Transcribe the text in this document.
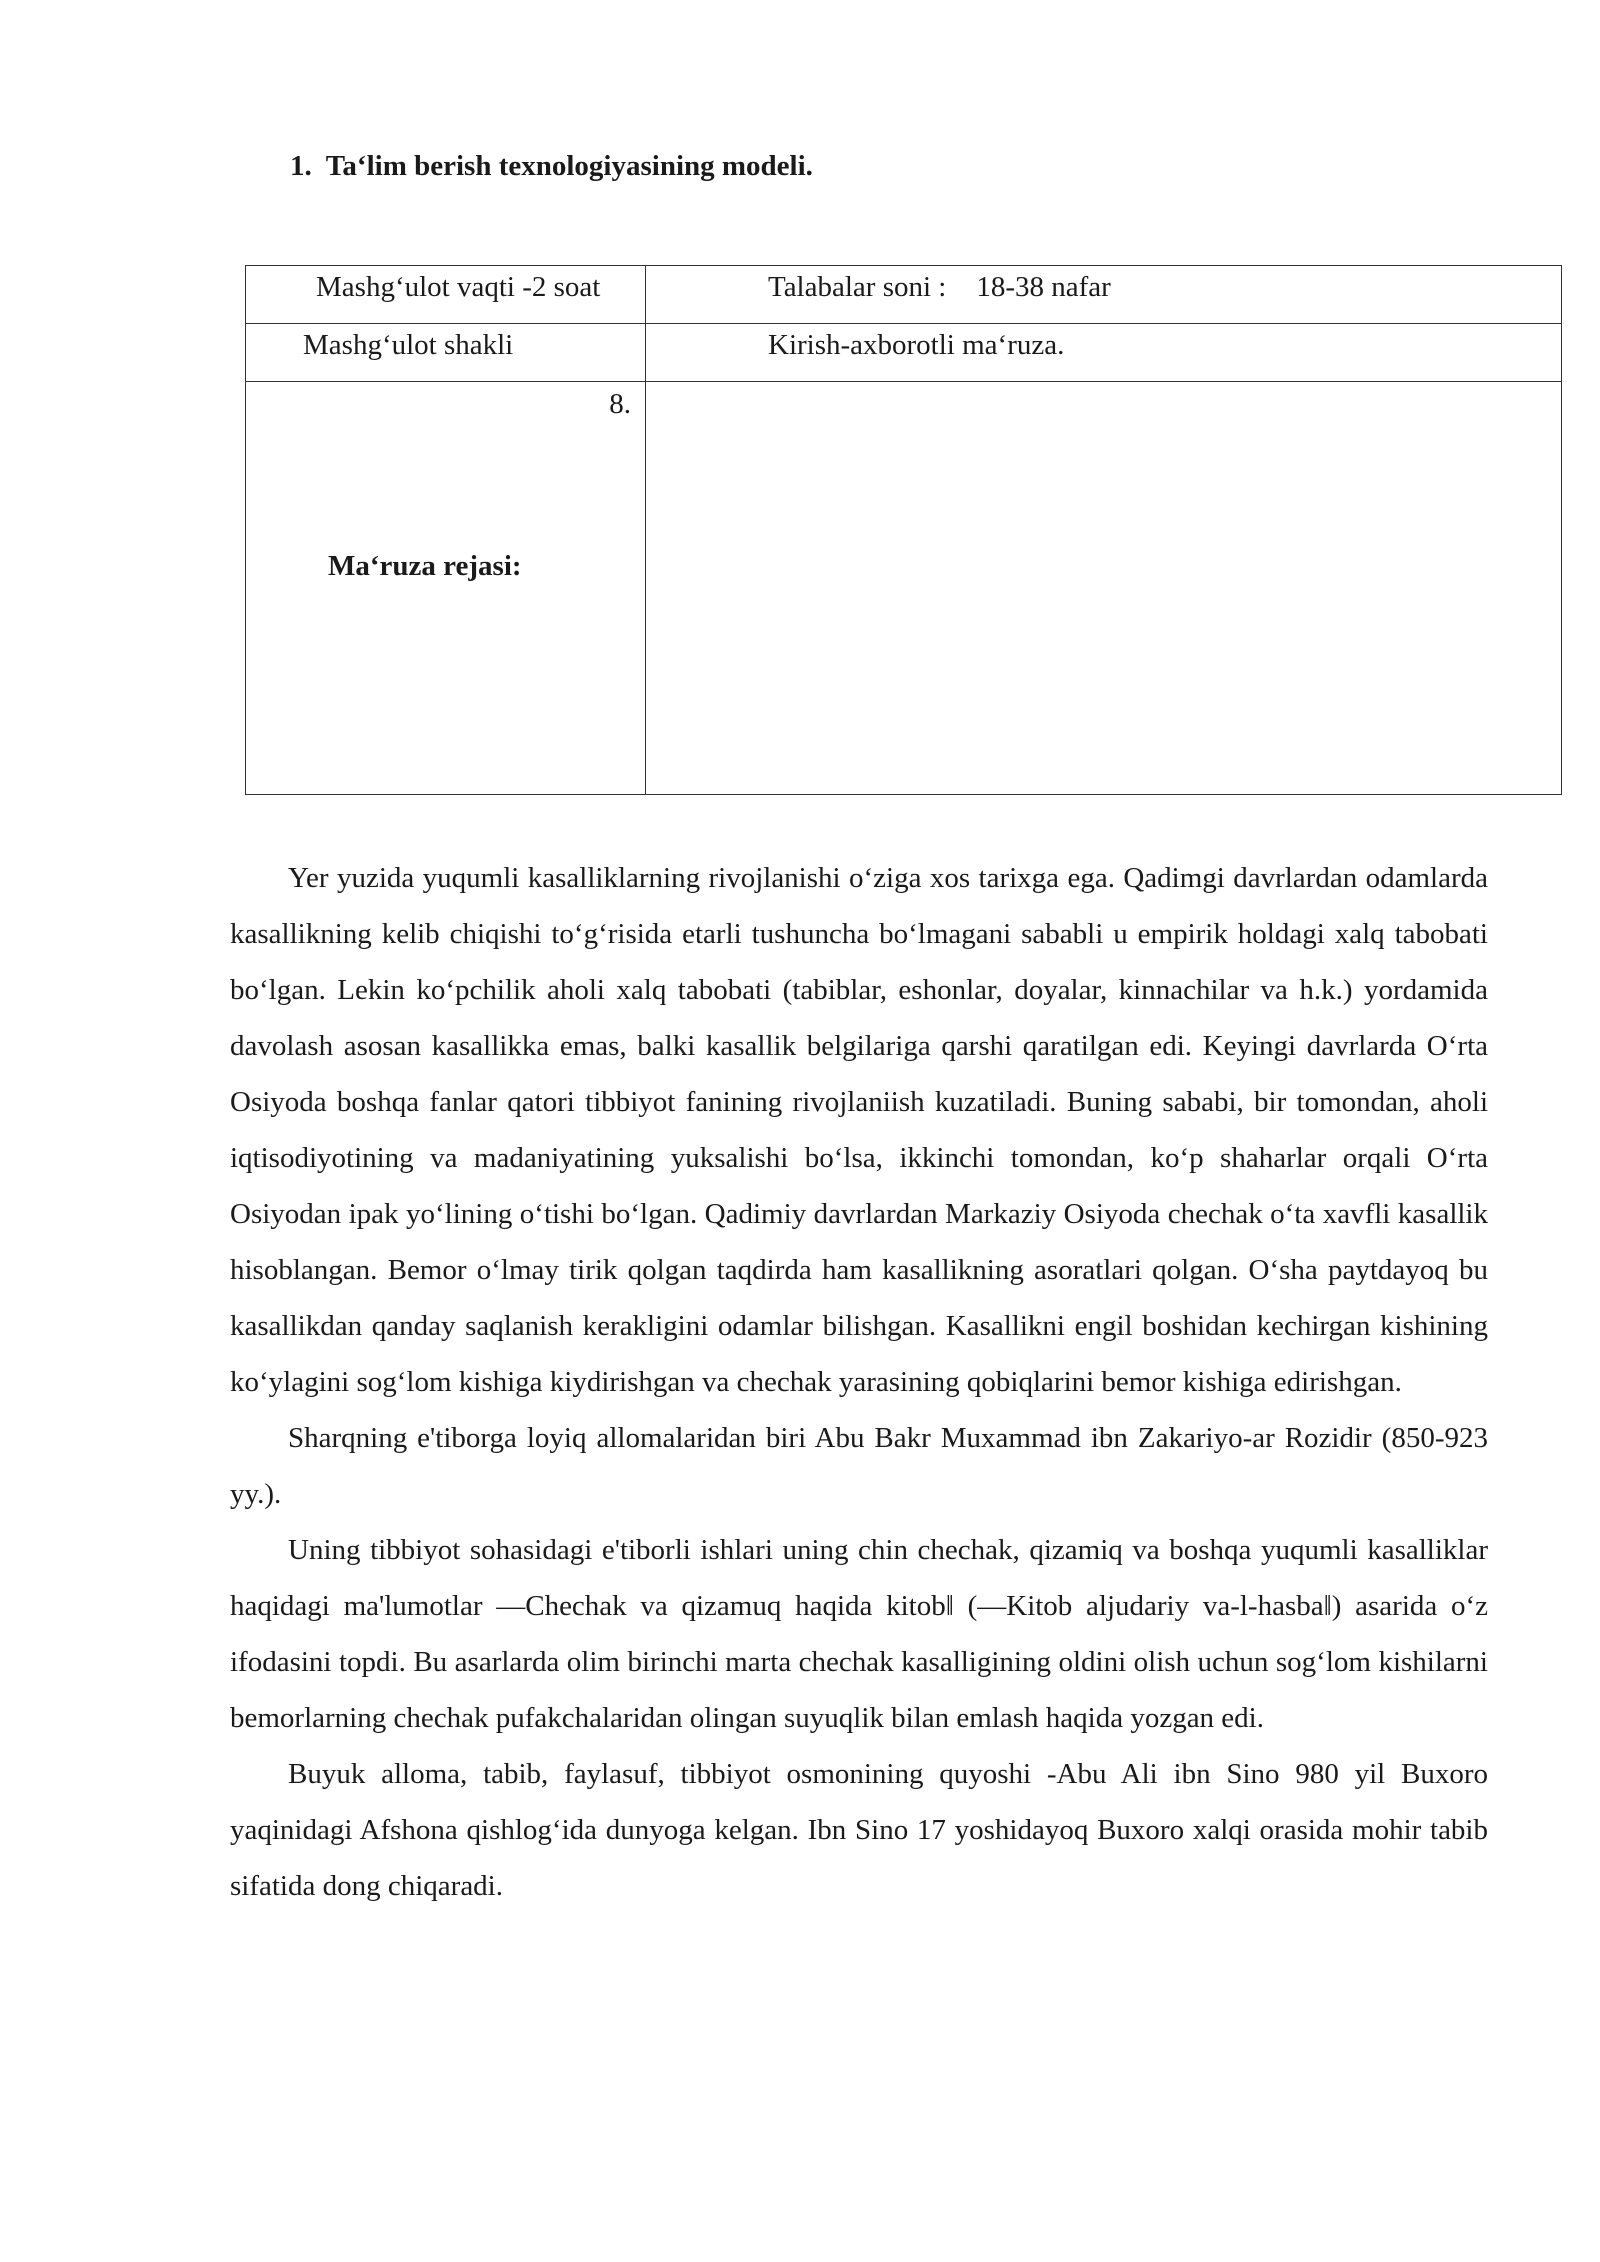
1. Ta‘lim berish texnologiyasining modeli.
Mashg‘ulot vaqti -2 soat	Talabalar soni : 18-38 nafar
Mashg‘ulot shakli	Kirish-axborotli ma‘ruza.

8.
Ma‘ruza rejasi:	

Yer yuzida yuqumli kasalliklarning rivojlanishi o‘ziga xos tarixga ega. Qadimgi davrlardan odamlarda kasallikning kelib chiqishi to‘g‘risida etarli tushuncha bo‘lmagani sababli u empirik holdagi xalq tabobati bo‘lgan. Lekin ko‘pchilik aholi xalq tabobati (tabiblar, eshonlar, doyalar, kinnachilar va h.k.) yordamida davolash asosan kasallikka emas, balki kasallik belgilariga qarshi qaratilgan edi. Keyingi davrlarda O‘rta Osiyoda boshqa fanlar qatori tibbiyot fanining rivojlaniish kuzatiladi. Buning sababi, bir tomondan, aholi iqtisodiyotining va madaniyatining yuksalishi bo‘lsa, ikkinchi tomondan, ko‘p shaharlar orqali O‘rta Osiyodan ipak yo‘lining o‘tishi bo‘lgan. Qadimiy davrlardan Markaziy Osiyoda chechak o‘ta xavfli kasallik hisoblangan. Bemor o‘lmay tirik qolgan taqdirda ham kasallikning asoratlari qolgan. O‘sha paytdayoq bu kasallikdan qanday saqlanish kerakligini odamlar bilishgan. Kasallikni engil boshidan kechirgan kishining ko‘ylagini sog‘lom kishiga kiydirishgan va chechak yarasining qobiqlarini bemor kishiga edirishgan.

Sharqning e'tiborga loyiq allomalaridan biri Abu Bakr Muxammad ibn Zakariyo-ar Rozidir (850-923 yy.).

Uning tibbiyot sohasidagi e'tiborli ishlari uning chin chechak, qizamiq va boshqa yuqumli kasalliklar haqidagi ma'lumotlar ―Chechak va qizamuq haqida kitob‖ (―Kitob aljudariy va-l-hasba‖) asarida o‘z ifodasini topdi. Bu asarlarda olim birinchi marta chechak kasalligining oldini olish uchun sog‘lom kishilarni bemorlarning chechak pufakchalaridan olingan suyuqlik bilan emlash haqida yozgan edi.

Buyuk alloma, tabib, faylasuf, tibbiyot osmonining quyoshi -Abu Ali ibn Sino 980 yil Buxoro yaqinidagi Afshona qishlog‘ida dunyoga kelgan. Ibn Sino 17 yoshidayoq Buxoro xalqi orasida mohir tabib sifatida dong chiqaradi.
